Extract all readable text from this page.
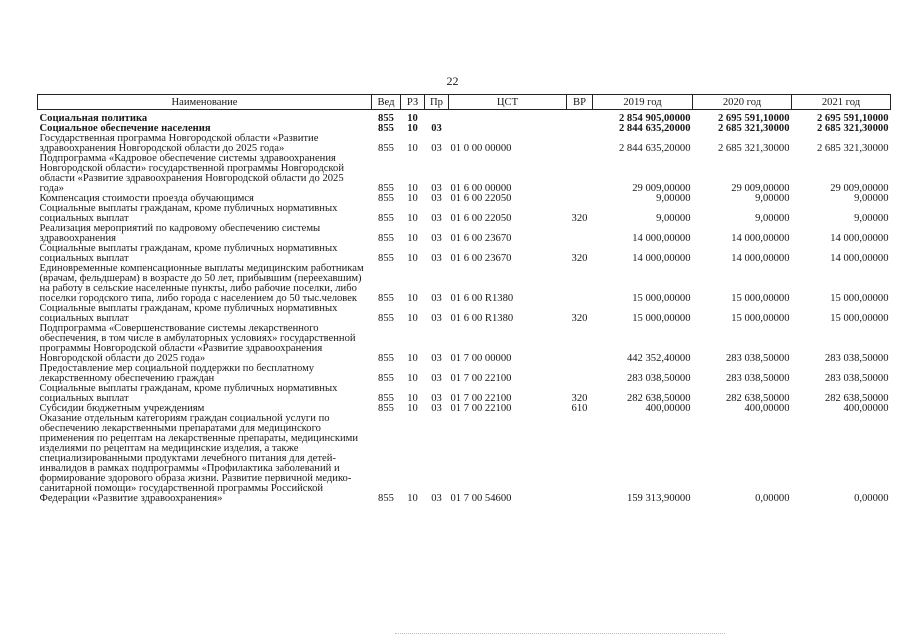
22
Наименование	Вед	РЗ	Пр	ЦСТ	ВР	2019 год	2020 год	2021 год
Социальная политика	855	10				2 854 905,00000	2 695 591,10000	2 695 591,10000
Социальное обеспечение населения	855	10	03			2 844 635,20000	2 685 321,30000	2 685 321,30000
Государственная программа Новгородской области «Развитие здравоохранения Новгородской области до 2025 года»	855	10	03	01 0 00 00000		2 844 635,20000	2 685 321,30000	2 685 321,30000
Подпрограмма «Кадровое обеспечение системы здравоохранения Новгородской области» государственной программы Новгородской области «Развитие здравоохранения Новгородской области до 2025 года»	855	10	03	01 6 00 00000		29 009,00000	29 009,00000	29 009,00000
Компенсация стоимости проезда обучающимся	855	10	03	01 6 00 22050		9,00000	9,00000	9,00000
Социальные выплаты гражданам, кроме публичных нормативных социальных выплат	855	10	03	01 6 00 22050	320	9,00000	9,00000	9,00000
Реализация мероприятий по кадровому обеспечению системы здравоохранения	855	10	03	01 6 00 23670		14 000,00000	14 000,00000	14 000,00000
Социальные выплаты гражданам, кроме публичных нормативных социальных выплат	855	10	03	01 6 00 23670	320	14 000,00000	14 000,00000	14 000,00000
Единовременные компенсационные выплаты медицинским работникам (врачам, фельдшерам) в возрасте до 50 лет, прибывшим (переехавшим) на работу в сельские населенные пункты, либо рабочие поселки, либо поселки городского типа, либо города с населением до 50 тыс.человек	855	10	03	01 6 00 R1380		15 000,00000	15 000,00000	15 000,00000
Социальные выплаты гражданам, кроме публичных нормативных социальных выплат	855	10	03	01 6 00 R1380	320	15 000,00000	15 000,00000	15 000,00000
Подпрограмма «Совершенствование системы лекарственного обеспечения, в том числе в амбулаторных условиях» государственной программы Новгородской области «Развитие здравоохранения Новгородской области до 2025 года»	855	10	03	01 7 00 00000		442 352,40000	283 038,50000	283 038,50000
Предоставление мер социальной поддержки по бесплатному лекарственному обеспечению граждан	855	10	03	01 7 00 22100		283 038,50000	283 038,50000	283 038,50000
Социальные выплаты гражданам, кроме публичных нормативных социальных выплат	855	10	03	01 7 00 22100	320	282 638,50000	282 638,50000	282 638,50000
Субсидии бюджетным учреждениям	855	10	03	01 7 00 22100	610	400,00000	400,00000	400,00000
Оказание отдельным категориям граждан социальной услуги по обеспечению лекарственными препаратами для медицинского применения по рецептам на лекарственные препараты, медицинскими изделиями по рецептам на медицинские изделия, а также специализированными продуктами лечебного питания для детей-инвалидов в рамках подпрограммы «Профилактика заболеваний и формирование здорового образа жизни. Развитие первичной медико-санитарной помощи» государственной программы Российской Федерации «Развитие здравоохранения»	855	10	03	01 7 00 54600		159 313,90000	0,00000	0,00000
